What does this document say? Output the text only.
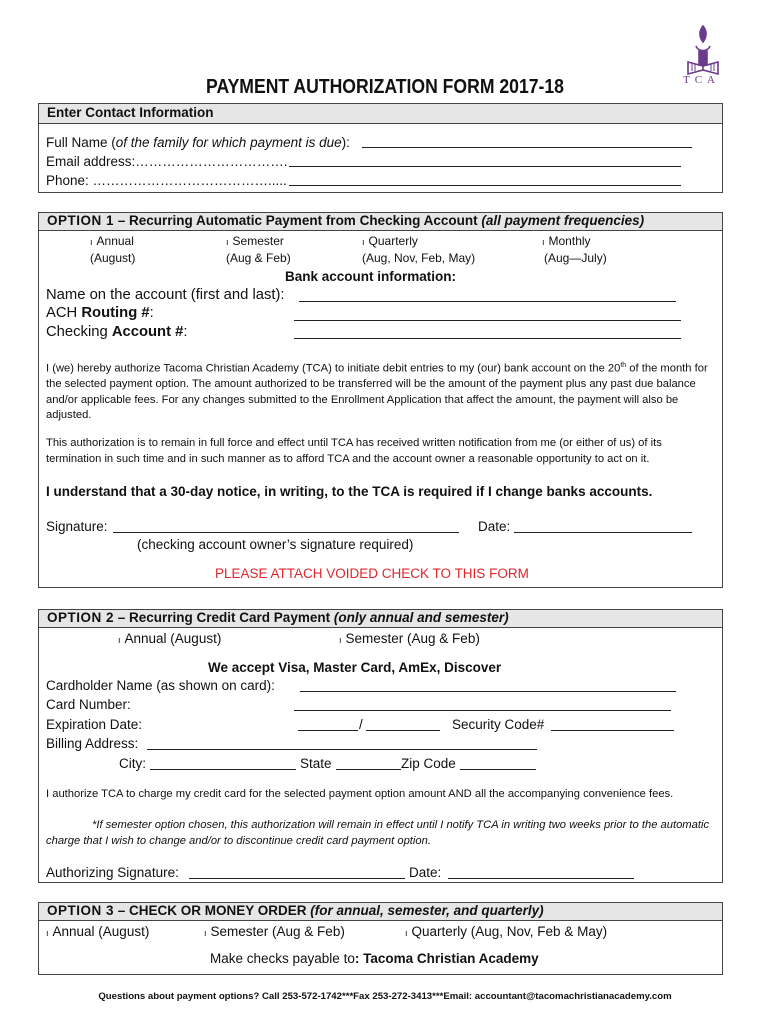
TCA
PAYMENT AUTHORIZATION FORM 2017-18
Enter Contact Information
Full Name (of the family for which payment is due):
Email address:…………………………….
Phone: ………………………………….....
OPTION 1 – Recurring Automatic Payment from Checking Account (all payment frequencies)
ı Annual
(August)
ı Semester
(Aug & Feb)
ı Quarterly
(Aug, Nov, Feb, May)
ı Monthly
(Aug—July)
Bank account information:
Name on the account (first and last):
ACH Routing #:
Checking Account #:
I (we) hereby authorize Tacoma Christian Academy (TCA) to initiate debit entries to my (our) bank account on the 20th of the month for the selected payment option. The amount authorized to be transferred will be the amount of the payment plus any past due balance and/or applicable fees. For any changes submitted to the Enrollment Application that affect the amount, the payment will also be adjusted.
This authorization is to remain in full force and effect until TCA has received written notification from me (or either of us) of its termination in such time and in such manner as to afford TCA and the account owner a reasonable opportunity to act on it.
I understand that a 30-day notice, in writing, to the TCA is required if I change banks accounts.
Signature:	Date:
(checking account owner’s signature required)
PLEASE ATTACH VOIDED CHECK TO THIS FORM
OPTION 2 – Recurring Credit Card Payment (only annual and semester)
ı Annual (August)	ı Semester (Aug & Feb)
We accept Visa, Master Card, AmEx, Discover
Cardholder Name (as shown on card):
Card Number:
Expiration Date:	/	Security Code#
Billing Address:
City:	State	Zip Code
I authorize TCA to charge my credit card for the selected payment option amount AND all the accompanying convenience fees.
*If semester option chosen, this authorization will remain in effect until I notify TCA in writing two weeks prior to the automatic charge that I wish to change and/or to discontinue credit card payment option.
Authorizing Signature:	Date:
OPTION 3 – CHECK OR MONEY ORDER (for annual, semester, and quarterly)
ı Annual (August)	ı Semester (Aug & Feb)	ı Quarterly (Aug, Nov, Feb & May)
Make checks payable to: Tacoma Christian Academy
Questions about payment options? Call 253-572-1742***Fax 253-272-3413***Email: accountant@tacomachristianacademy.com
